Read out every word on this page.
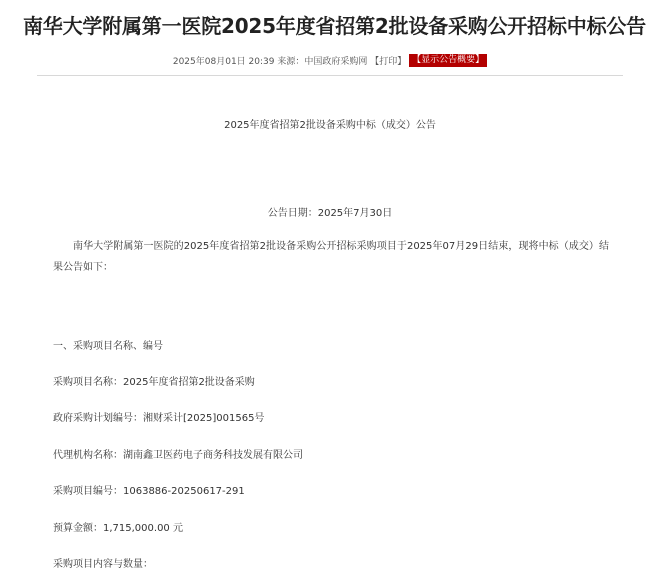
南华大学附属第一医院2025年度省招第2批设备采购公开招标中标公告
2025年08月01日 20:39 来源：中国政府采购网 【打印】 【显示公告概要】
2025年度省招第2批设备采购中标（成交）公告
公告日期：2025年7月30日
南华大学附属第一医院的2025年度省招第2批设备采购公开招标采购项目于2025年07月29日结束，现将中标（成交）结果公告如下：
一、采购项目名称、编号
采购项目名称：2025年度省招第2批设备采购
政府采购计划编号：湘财采计[2025]001565号
代理机构名称：湖南鑫卫医药电子商务科技发展有限公司
采购项目编号：1063886-20250617-291
预算金额：1,715,000.00 元
采购项目内容与数量：
